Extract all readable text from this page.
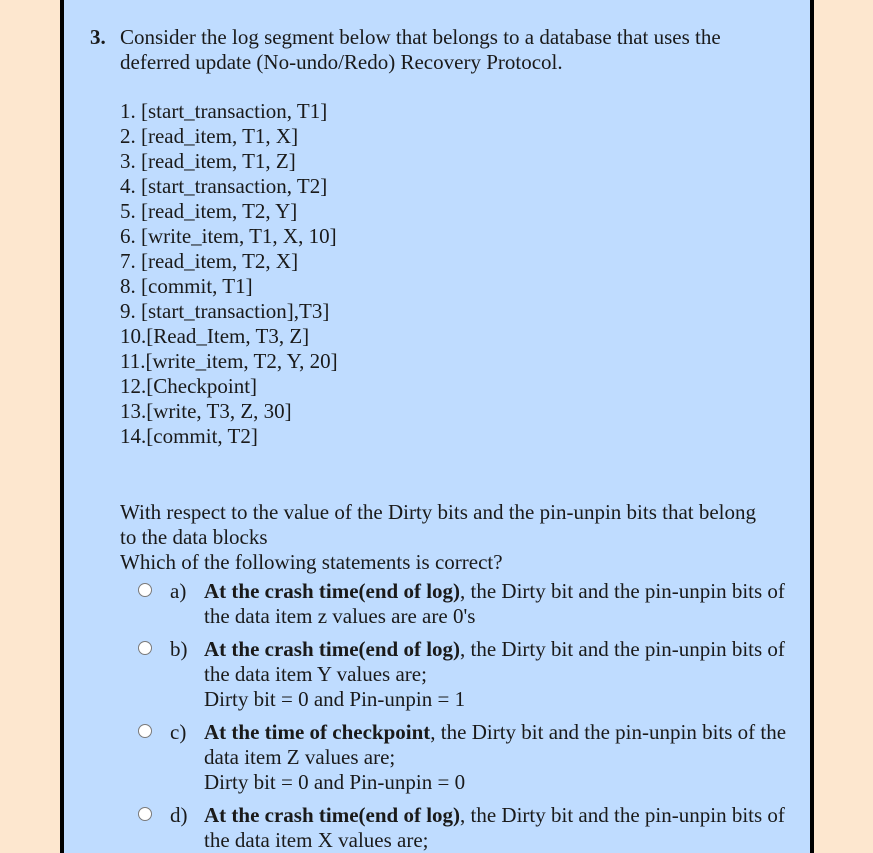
3. Consider the log segment below that belongs to a database that uses the deferred update (No-undo/Redo) Recovery Protocol.
1. [start_transaction, T1]
2. [read_item, T1, X]
3. [read_item, T1, Z]
4. [start_transaction, T2]
5. [read_item, T2, Y]
6. [write_item, T1, X, 10]
7. [read_item, T2, X]
8. [commit, T1]
9. [start_transaction],T3]
10.[Read_Item, T3, Z]
11.[write_item, T2, Y, 20]
12.[Checkpoint]
13.[write, T3, Z, 30]
14.[commit, T2]
With respect to the value of the Dirty bits and the pin-unpin bits that belong to the data blocks
Which of the following statements is correct?
a) At the crash time(end of log), the Dirty bit and the pin-unpin bits of the data item z values are are 0's
b) At the crash time(end of log), the Dirty bit and the pin-unpin bits of the data item Y values are;
Dirty bit = 0 and Pin-unpin = 1
c) At the time of checkpoint, the Dirty bit and the pin-unpin bits of the data item Z values are;
Dirty bit = 0 and Pin-unpin = 0
d) At the crash time(end of log), the Dirty bit and the pin-unpin bits of the data item X values are;
